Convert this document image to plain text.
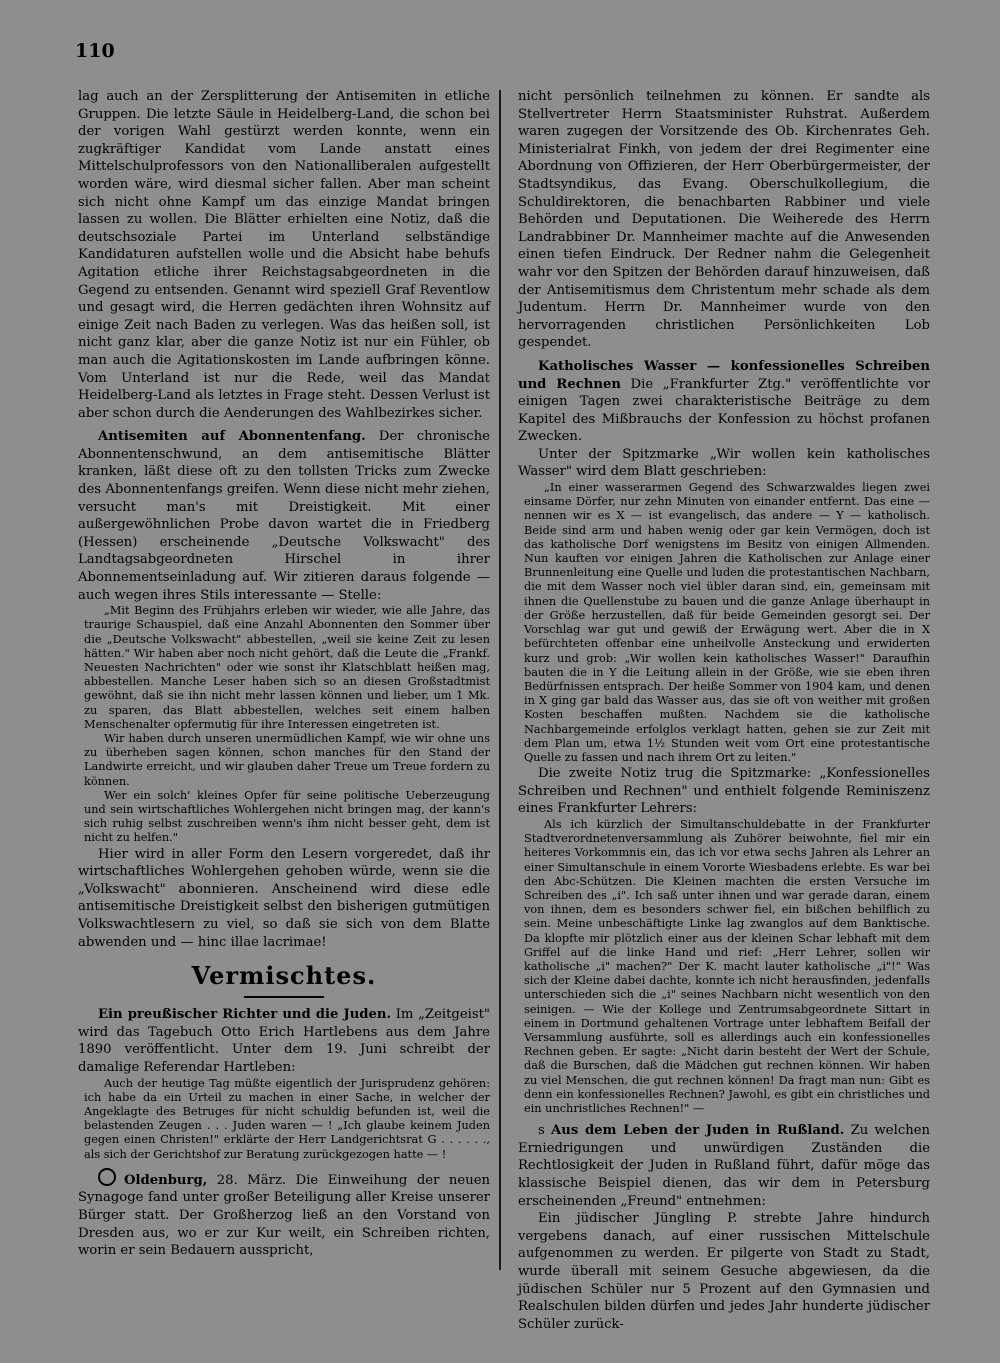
110

lag auch an der Zersplitterung der Antisemiten in etliche Gruppen. Die letzte Säule in Heidelberg-Land, die schon bei der vorigen Wahl gestürzt werden konnte, wenn ein zugkräftiger Kandidat vom Lande anstatt eines Mittelschulprofessors von den Nationalliberalen aufgestellt worden wäre, wird diesmal sicher fallen. Aber man scheint sich nicht ohne Kampf um das einzige Mandat bringen lassen zu wollen. Die Blätter erhielten eine Notiz, daß die deutschsoziale Partei im Unterland selbständige Kandidaturen aufstellen wolle und die Absicht habe behufs Agitation etliche ihrer Reichstagsabgeordneten in die Gegend zu entsenden. Genannt wird speziell Graf Reventlow und gesagt wird, die Herren gedächten ihren Wohnsitz auf einige Zeit nach Baden zu verlegen. Was das heißen soll, ist nicht ganz klar, aber die ganze Notiz ist nur ein Fühler, ob man auch die Agitationskosten im Lande aufbringen könne. Vom Unterland ist nur die Rede, weil das Mandat Heidelberg-Land als letztes in Frage steht. Dessen Verlust ist aber schon durch die Aenderungen des Wahlbezirkes sicher.

Antisemiten auf Abonnentenfang. Der chronische Abonnentenschwund, an dem antisemitische Blätter kranken, läßt diese oft zu den tollsten Tricks zum Zwecke des Abonnentenfangs greifen. Wenn diese nicht mehr ziehen, versucht man's mit Dreistigkeit. Mit einer außergewöhnlichen Probe davon wartet die in Friedberg (Hessen) erscheinende „Deutsche Volkswacht" des Landtagsabgeordneten Hirschel in ihrer Abonnementseinladung auf. Wir zitieren daraus folgende — auch wegen ihres Stils interessante — Stelle:

„Mit Beginn des Frühjahrs erleben wir wieder, wie alle Jahre, das traurige Schauspiel, daß eine Anzahl Abonnenten den Sommer über die „Deutsche Volkswacht" abbestellen, „weil sie keine Zeit zu lesen hätten." Wir haben aber noch nicht gehört, daß die Leute die „Frankf. Neuesten Nachrichten" oder wie sonst ihr Klatschblatt heißen mag, abbestellen. Manche Leser haben sich so an diesen Großstadtmist gewöhnt, daß sie ihn nicht mehr lassen können und lieber, um 1 Mk. zu sparen, das Blatt abbestellen, welches seit einem halben Menschenalter opfermutig für ihre Interessen eingetreten ist.

Wir haben durch unseren unermüdlichen Kampf, wie wir ohne uns zu überheben sagen können, schon manches für den Stand der Landwirte erreicht, und wir glauben daher Treue um Treue fordern zu können.

Wer ein solch' kleines Opfer für seine politische Ueberzeugung und sein wirtschaftliches Wohlergehen nicht bringen mag, der kann's sich ruhig selbst zuschreiben wenn's ihm nicht besser geht, dem ist nicht zu helfen."

Hier wird in aller Form den Lesern vorgeredet, daß ihr wirtschaftliches Wohlergehen gehoben würde, wenn sie die „Volkswacht" abonnieren. Anscheinend wird diese edle antisemitische Dreistigkeit selbst den bisherigen gutmütigen Volkswachtlesern zu viel, so daß sie sich von dem Blatte abwenden und — hinc illae lacrimae!

Vermischtes.

Ein preußischer Richter und die Juden. Im „Zeitgeist" wird das Tagebuch Otto Erich Hartlebens aus dem Jahre 1890 veröffentlicht. Unter dem 19. Juni schreibt der damalige Referendar Hartleben:

Auch der heutige Tag müßte eigentlich der Jurisprudenz gehören: ich habe da ein Urteil zu machen in einer Sache, in welcher der Angeklagte des Betruges für nicht schuldig befunden ist, weil die belastenden Zeugen . . . Juden waren — ! „Ich glaube keinem Juden gegen einen Christen!" erklärte der Herr Landgerichtsrat G . . . . . ., als sich der Gerichtshof zur Beratung zurückgezogen hatte — !

Oldenburg, 28. März. Die Einweihung der neuen Synagoge fand unter großer Beteiligung aller Kreise unserer Bürger statt. Der Großherzog ließ an den Vorstand von Dresden aus, wo er zur Kur weilt, ein Schreiben richten, worin er sein Bedauern ausspricht,

nicht persönlich teilnehmen zu können. Er sandte als Stellvertreter Herrn Staatsminister Ruhstrat. Außerdem waren zugegen der Vorsitzende des Ob. Kirchenrates Geh. Ministerialrat Finkh, von jedem der drei Regimenter eine Abordnung von Offizieren, der Herr Oberbürgermeister, der Stadtsyndikus, das Evang. Oberschulkollegium, die Schuldirektoren, die benachbarten Rabbiner und viele Behörden und Deputationen. Die Weiherede des Herrn Landrabbiner Dr. Mannheimer machte auf die Anwesenden einen tiefen Eindruck. Der Redner nahm die Gelegenheit wahr vor den Spitzen der Behörden darauf hinzuweisen, daß der Antisemitismus dem Christentum mehr schade als dem Judentum. Herrn Dr. Mannheimer wurde von den hervorragenden christlichen Persönlichkeiten Lob gespendet.

Katholisches Wasser — konfessionelles Schreiben und Rechnen Die „Frankfurter Ztg." veröffentlichte vor einigen Tagen zwei charakteristische Beiträge zu dem Kapitel des Mißbrauchs der Konfession zu höchst profanen Zwecken.

Unter der Spitzmarke „Wir wollen kein katholisches Wasser" wird dem Blatt geschrieben:

„In einer wasserarmen Gegend des Schwarzwaldes liegen zwei einsame Dörfer, nur zehn Minuten von einander entfernt. Das eine — nennen wir es X — ist evangelisch, das andere — Y — katholisch. Beide sind arm und haben wenig oder gar kein Vermögen, doch ist das katholische Dorf wenigstens im Besitz von einigen Allmenden. Nun kauften vor einigen Jahren die Katholischen zur Anlage einer Brunnenleitung eine Quelle und luden die protestantischen Nachbarn, die mit dem Wasser noch viel übler daran sind, ein, gemeinsam mit ihnen die Quellenstube zu bauen und die ganze Anlage überhaupt in der Größe herzustellen, daß für beide Gemeinden gesorgt sei. Der Vorschlag war gut und gewiß der Erwägung wert. Aber die in X befürchteten offenbar eine unheilvolle Ansteckung und erwiderten kurz und grob: „Wir wollen kein katholisches Wasser!" Daraufhin bauten die in Y die Leitung allein in der Größe, wie sie eben ihren Bedürfnissen entsprach. Der heiße Sommer von 1904 kam, und denen in X ging gar bald das Wasser aus, das sie oft von weither mit großen Kosten beschaffen mußten. Nachdem sie die katholische Nachbargemeinde erfolglos verklagt hatten, gehen sie zur Zeit mit dem Plan um, etwa 1½ Stunden weit vom Ort eine protestantische Quelle zu fassen und nach ihrem Ort zu leiten."

Die zweite Notiz trug die Spitzmarke: „Konfessionelles Schreiben und Rechnen" und enthielt folgende Reminiszenz eines Frankfurter Lehrers:

Als ich kürzlich der Simultanschuldebatte in der Frankfurter Stadtverordnetenversammlung als Zuhörer beiwohnte, fiel mir ein heiteres Vorkommnis ein, das ich vor etwa sechs Jahren als Lehrer an einer Simultanschule in einem Vororte Wiesbadens erlebte. Es war bei den Abc-Schützen. Die Kleinen machten die ersten Versuche im Schreiben des „i". Ich saß unter ihnen und war gerade daran, einem von ihnen, dem es besonders schwer fiel, ein bißchen behilflich zu sein. Meine unbeschäftigte Linke lag zwanglos auf dem Banktische. Da klopfte mir plötzlich einer aus der kleinen Schar lebhaft mit dem Griffel auf die linke Hand und rief: „Herr Lehrer, sollen wir katholische „i" machen?" Der K. macht lauter katholische „i"!" Was sich der Kleine dabei dachte, konnte ich nicht herausfinden, jedenfalls unterschieden sich die „i" seines Nachbarn nicht wesentlich von den seinigen. — Wie der Kollege und Zentrumsabgeordnete Sittart in einem in Dortmund gehaltenen Vortrage unter lebhaftem Beifall der Versammlung ausführte, soll es allerdings auch ein konfessionelles Rechnen geben. Er sagte: „Nicht darin besteht der Wert der Schule, daß die Burschen, daß die Mädchen gut rechnen können. Wir haben zu viel Menschen, die gut rechnen können! Da fragt man nun: Gibt es denn ein konfessionelles Rechnen? Jawohl, es gibt ein christliches und ein unchristliches Rechnen!" —

s Aus dem Leben der Juden in Rußland. Zu welchen Erniedrigungen und unwürdigen Zuständen die Rechtlosigkeit der Juden in Rußland führt, dafür möge das klassische Beispiel dienen, das wir dem in Petersburg erscheinenden „Freund" entnehmen:

Ein jüdischer Jüngling P. strebte Jahre hindurch vergebens danach, auf einer russischen Mittelschule aufgenommen zu werden. Er pilgerte von Stadt zu Stadt, wurde überall mit seinem Gesuche abgewiesen, da die jüdischen Schüler nur 5 Prozent auf den Gymnasien und Realschulen bilden dürfen und jedes Jahr hunderte jüdischer Schüler zurück-
